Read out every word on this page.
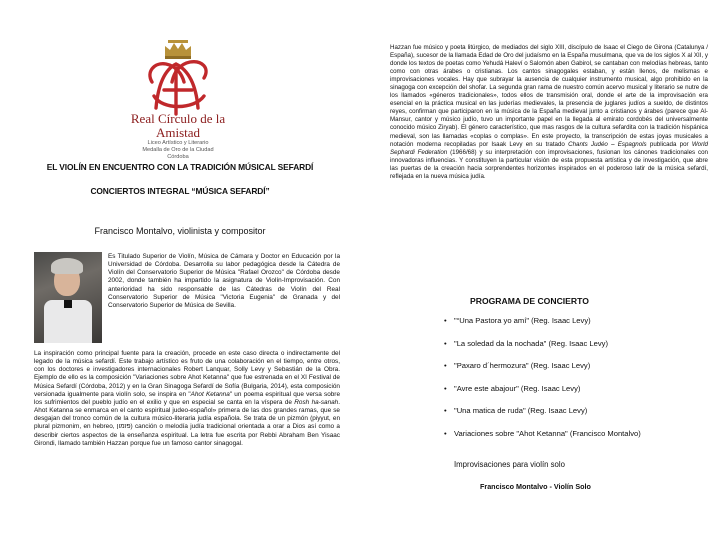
Real Círculo de la Amistad
Liceo Artístico y Literario
Medalla de Oro de la Ciudad
Córdoba
EL VIOLÍN EN ENCUENTRO CON LA TRADICIÓN MÚSICAL SEFARDÍ
CONCIERTOS INTEGRAL “MÚSICA SEFARDÍ”
Francisco Montalvo, violinista y compositor
Es Titulado Superior de Violín, Música de Cámara y Doctor en Educación por la Universidad de Córdoba. Desarrolla su labor pedagógica desde la Cátedra de Violín del Conservatorio Superior de Música "Rafael Orozco" de Córdoba desde 2002, donde también ha impartido la asignatura de Violín-Improvisación. Con anterioridad ha sido responsable de las Cátedras de Violín del Real Conservatorio Superior de Música "Victoria Eugenia" de Granada y del Conservatorio Superior de Música de Sevilla.
La inspiración como principal fuente para la creación, procede en este caso directa o indirectamente del legado de la música sefardí. Este trabajo artístico es fruto de una colaboración en el tiempo, entre otros, con los doctores e investigadores internacionales Robert Lanquar, Solly Levy y Sebastián de la Obra. Ejemplo de ello es la composición "Variaciones sobre Ahot Ketanna" que fue estrenada en el XI Festival de Música Sefardí (Córdoba, 2012) y en la Gran Sinagoga Sefardí de Sofía (Bulgaria, 2014), esta composición versionada igualmente para violín solo, se inspira en "Ahot Ketanna" un poema espiritual que versa sobre los sufrimientos del pueblo judío en el exilio y que en especial se canta en la víspera de Rosh ha-sanah. Ahot Ketanna se enmarca en el canto espiritual judeo-español» primera de las dos grandes ramas, que se desgajan del tronco común de la cultura músico-literaria judía española. Se trata de un pizmón (piyyut, en plural pizmonim, en hebreo, פזמון) canción o melodía judía tradicional orientada a orar a Dios así como a describir ciertos aspectos de la enseñanza espiritual. La letra fue escrita por Rebbi Abraham Ben Yisaac Girondi, llamado también Hazzan porque fue un famoso cantor sinagogal.
Hazzan fue músico y poeta litúrgico, de mediados del siglo XIII, discípulo de Isaac el Ciego de Girona (Catalunya / España), sucesor de la llamada Edad de Oro del judaísmo en la España musulmana, que va de los siglos X al XII, y donde los textos de poetas como Yehudá Haleví o Salomón aben Gabirol, se cantaban con melodías hebreas, tanto como con otras árabes o cristianas. Los cantos sinagogales estaban, y están llenos, de melismas e improvisaciones vocales. Hay que subrayar la ausencia de cualquier instrumento musical, algo prohibido en la sinagoga con excepción del shofar. La segunda gran rama de nuestro común acervo musical y literario se nutre de los llamados «géneros tradicionales», todos ellos de transmisión oral, donde el arte de la improvisación era esencial en la práctica musical en las juderías medievales, la presencia de juglares judíos a sueldo, de distintos reyes, confirman que participaron en la música de la España medieval junto a cristianos y árabes (parece que Al-Mansur, cantor y músico judío, tuvo un importante papel en la llegada al emirato cordobés del universalmente conocido músico Ziryab). El género característico, que mas rasgos de la cultura sefardita con la tradición hispánica medieval, son las llamadas «coplas o complas». En este proyecto, la transcripción de estas joyas musicales a notación moderna recopiladas por Isaak Levy en su tratado Chants Judéo – Espagnols publicada por World Sephardi Federation (1966/68) y su interpretación con improvisaciones, fusionan los cánones tradicionales con innovadoras influencias. Y constituyen la particular visión de esta propuesta artística y de investigación, que abre las puertas de la creación hacia sorprendentes horizontes inspirados en el poderoso latir de la música sefardí, reflejada en la nueva música judía.
PROGRAMA DE CONCIERTO
• "“Una Pastora yo amí" (Reg. Isaac Levy)
• "La soledad da la nochada" (Reg. Isaac Levy)
• "Paxaro d´hermozura" (Reg. Isaac Levy)
• "Avre este abajour" (Reg. Isaac Levy)
• "Una matica de ruda" (Reg. Isaac Levy)
• Variaciones sobre "Ahot Ketanna" (Francisco Montalvo)
Improvisaciones para violín solo
Francisco Montalvo - Violín Solo
